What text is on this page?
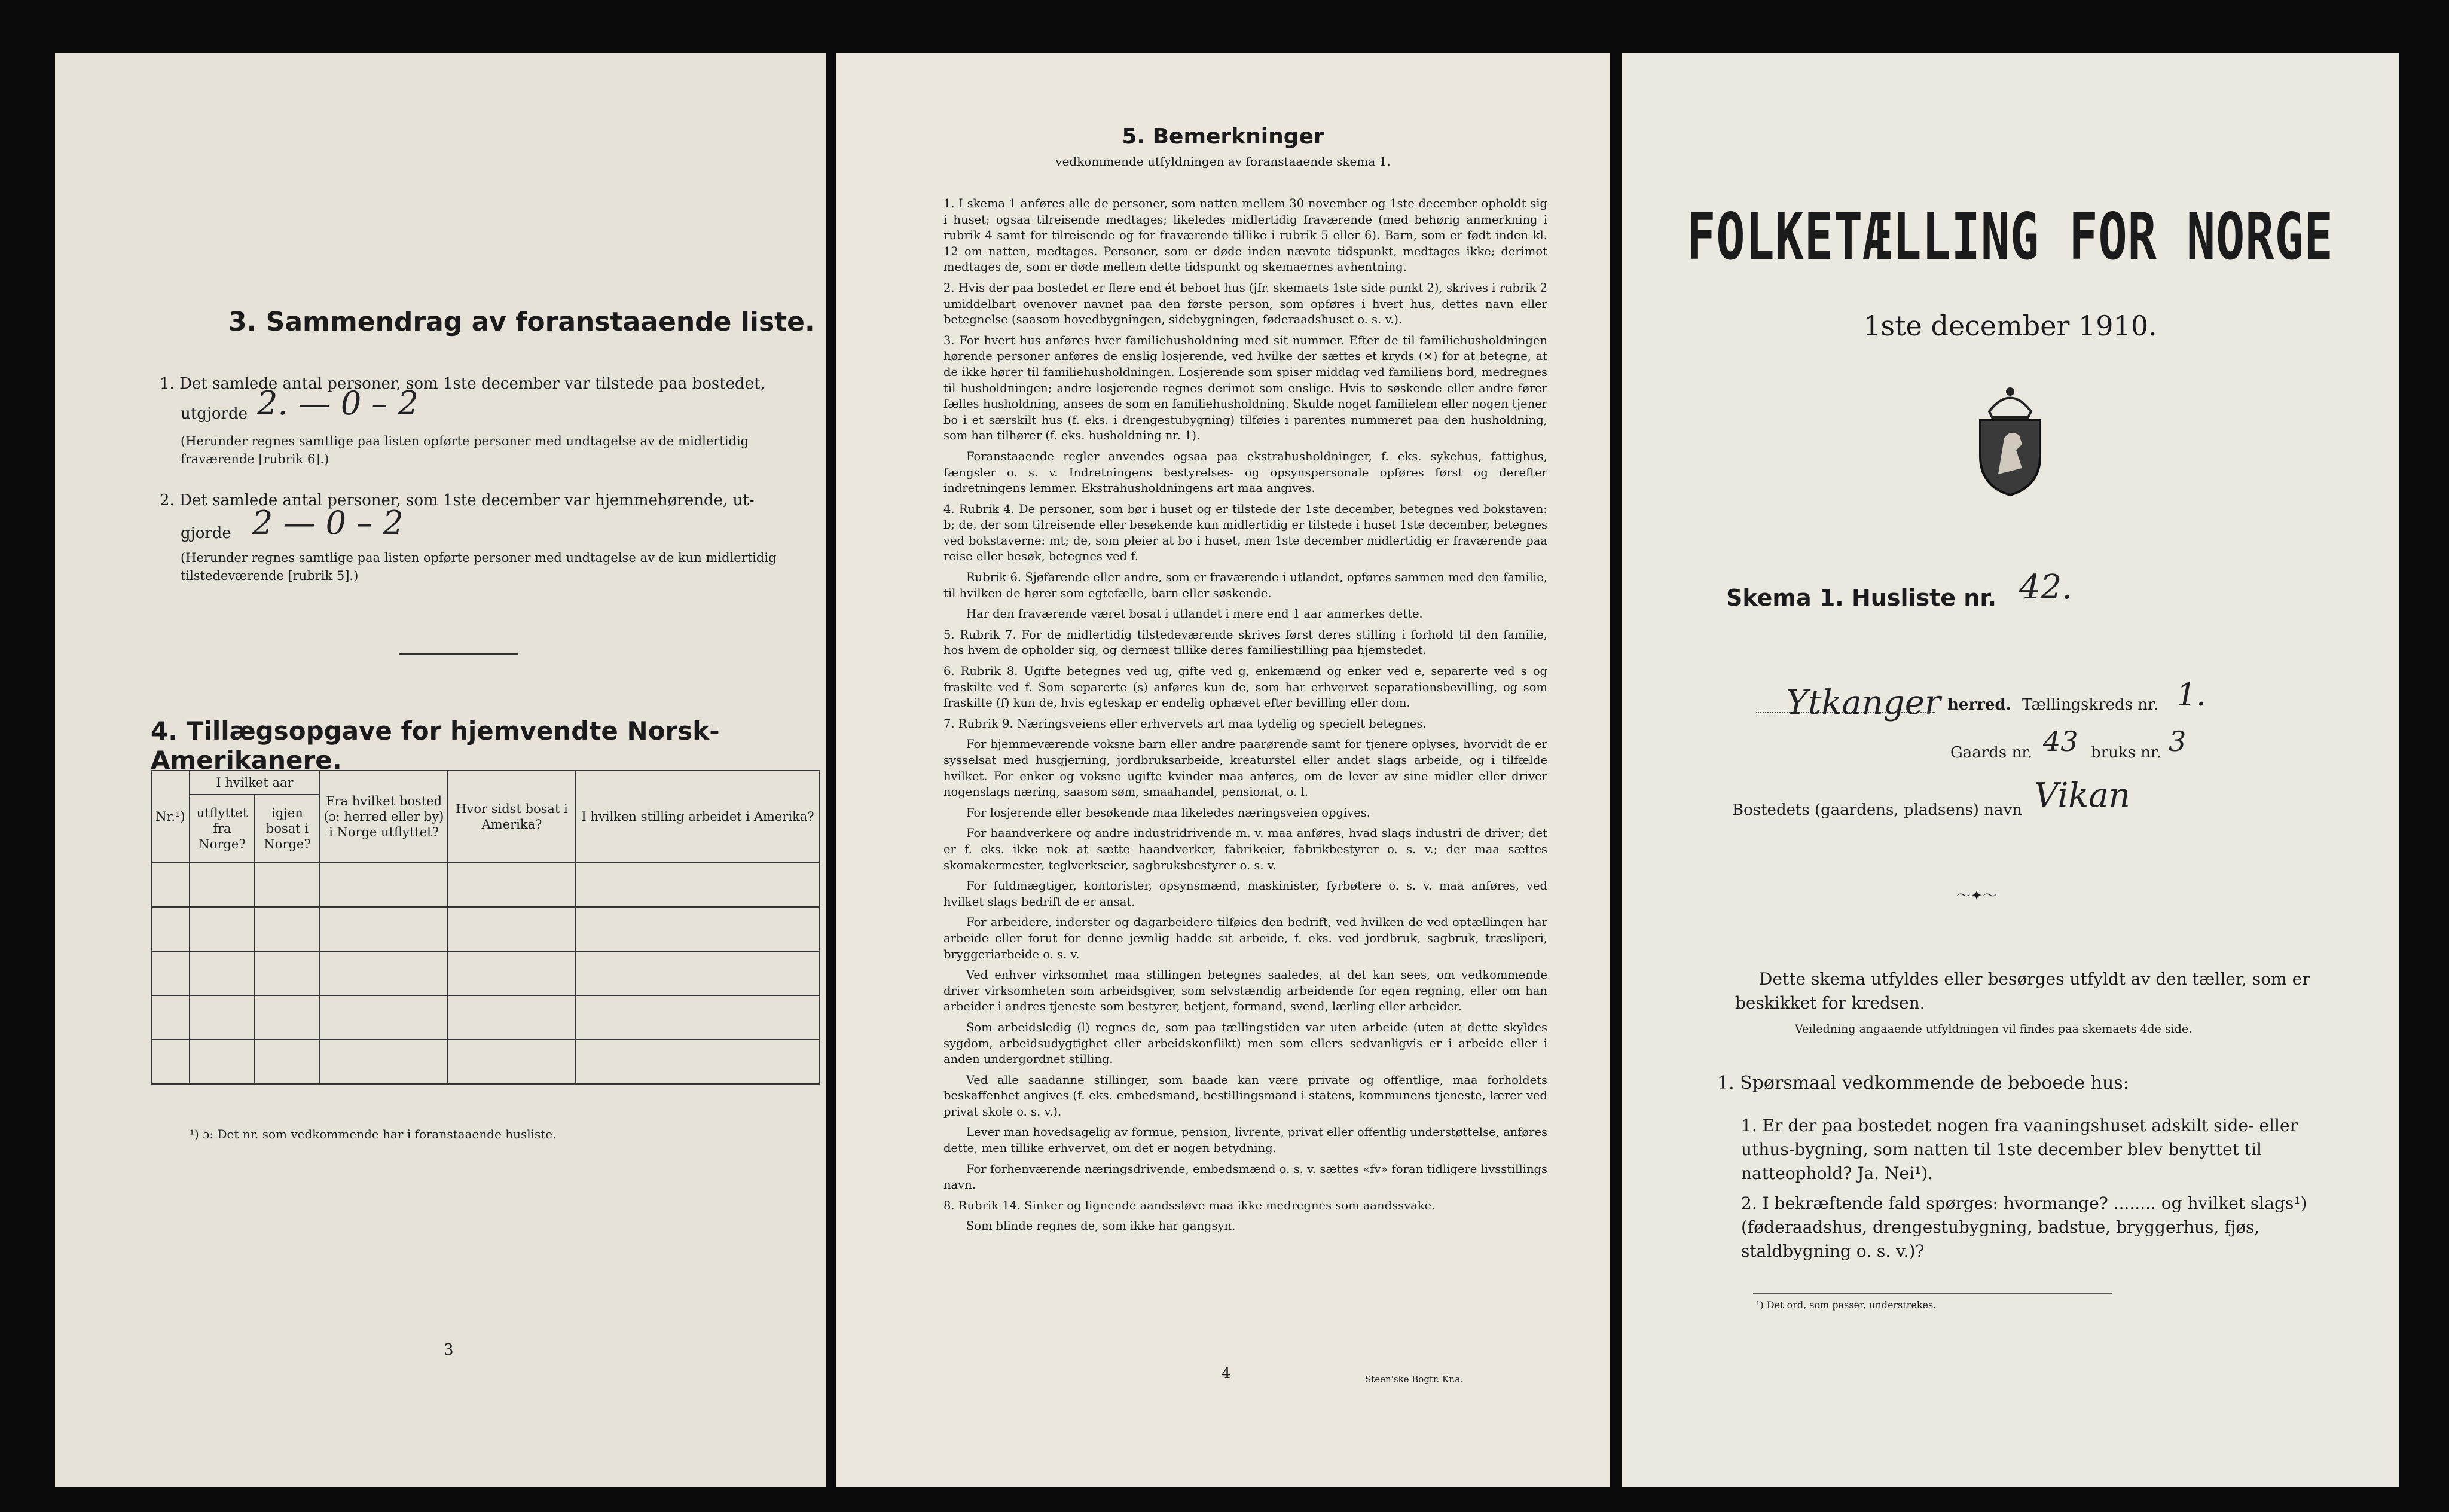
3. Sammendrag av foranstaaende liste.
1. Det samlede antal personer, som 1ste december var tilstede paa bostedet,
utgjorde 2. — 0 – 2
(Herunder regnes samtlige paa listen opførte personer med undtagelse av de midlertidig fraværende [rubrik 6].)
2. Det samlede antal personer, som 1ste december var hjemmehørende, ut-
gjorde 2 — 0 – 2
(Herunder regnes samtlige paa listen opførte personer med undtagelse av de kun midlertidig tilstedeværende [rubrik 5].)
4. Tillægsopgave for hjemvendte Norsk-Amerikanere.
Nr.¹)	I hvilket aar		Fra hvilket bosted (ɔ: herred eller by) i Norge utflyttet?	Hvor sidst bosat i Amerika?	I hvilken stilling arbeidet i Amerika?
	utflyttet fra Norge?	igjen bosat i Norge?			

¹) ɔ: Det nr. som vedkommende har i foranstaaende husliste.
3
5. Bemerkninger
vedkommende utfyldningen av foranstaaende skema 1.

1. I skema 1 anføres alle de personer, som natten mellem 30 november og 1ste december opholdt sig i huset; ogsaa tilreisende medtages; likeledes midlertidig fraværende (med behørig anmerkning i rubrik 4 samt for tilreisende og for fraværende tillike i rubrik 5 eller 6). Barn, som er født inden kl. 12 om natten, medtages. Personer, som er døde inden nævnte tidspunkt, medtages ikke; derimot medtages de, som er døde mellem dette tidspunkt og skemaernes avhentning.

2. Hvis der paa bostedet er flere end ét beboet hus (jfr. skemaets 1ste side punkt 2), skrives i rubrik 2 umiddelbart ovenover navnet paa den første person, som opføres i hvert hus, dettes navn eller betegnelse (saasom hovedbygningen, sidebygningen, føderaadshuset o. s. v.).

3. For hvert hus anføres hver familiehusholdning med sit nummer. Efter de til familiehusholdningen hørende personer anføres de enslig losjerende, ved hvilke der sættes et kryds (×) for at betegne, at de ikke hører til familiehusholdningen. Losjerende som spiser middag ved familiens bord, medregnes til husholdningen; andre losjerende regnes derimot som enslige. Hvis to søskende eller andre fører fælles husholdning, ansees de som en familiehusholdning. Skulde noget familielem eller nogen tjener bo i et særskilt hus (f. eks. i drengestubygning) tilføies i parentes nummeret paa den husholdning, som han tilhører (f. eks. husholdning nr. 1).

Foranstaaende regler anvendes ogsaa paa ekstrahusholdninger, f. eks. sykehus, fattighus, fængsler o. s. v. Indretningens bestyrelses- og opsynspersonale opføres først og derefter indretningens lemmer. Ekstrahusholdningens art maa angives.

4. Rubrik 4. De personer, som bør i huset og er tilstede der 1ste december, betegnes ved bokstaven: b; de, der som tilreisende eller besøkende kun midlertidig er tilstede i huset 1ste december, betegnes ved bokstaverne: mt; de, som pleier at bo i huset, men 1ste december midlertidig er fraværende paa reise eller besøk, betegnes ved f.

Rubrik 6. Sjøfarende eller andre, som er fraværende i utlandet, opføres sammen med den familie, til hvilken de hører som egtefælle, barn eller søskende.

Har den fraværende været bosat i utlandet i mere end 1 aar anmerkes dette.

5. Rubrik 7. For de midlertidig tilstedeværende skrives først deres stilling i forhold til den familie, hos hvem de opholder sig, og dernæst tillike deres familiestilling paa hjemstedet.

6. Rubrik 8. Ugifte betegnes ved ug, gifte ved g, enkemænd og enker ved e, separerte ved s og fraskilte ved f. Som separerte (s) anføres kun de, som har erhvervet separationsbevilling, og som fraskilte (f) kun de, hvis egteskap er endelig ophævet efter bevilling eller dom.

7. Rubrik 9. Næringsveiens eller erhvervets art maa tydelig og specielt betegnes.

For hjemmeværende voksne barn eller andre paarørende samt for tjenere oplyses, hvorvidt de er sysselsat med husgjerning, jordbruksarbeide, kreaturstel eller andet slags arbeide, og i tilfælde hvilket. For enker og voksne ugifte kvinder maa anføres, om de lever av sine midler eller driver nogenslags næring, saasom søm, smaahandel, pensionat, o. l.

For losjerende eller besøkende maa likeledes næringsveien opgives.

For haandverkere og andre industridrivende m. v. maa anføres, hvad slags industri de driver; det er f. eks. ikke nok at sætte haandverker, fabrikeier, fabrikbestyrer o. s. v.; der maa sættes skomakermester, teglverkseier, sagbruksbestyrer o. s. v.

For fuldmægtiger, kontorister, opsynsmænd, maskinister, fyrbøtere o. s. v. maa anføres, ved hvilket slags bedrift de er ansat.

For arbeidere, inderster og dagarbeidere tilføies den bedrift, ved hvilken de ved optællingen har arbeide eller forut for denne jevnlig hadde sit arbeide, f. eks. ved jordbruk, sagbruk, træsliperi, bryggeriarbeide o. s. v.

Ved enhver virksomhet maa stillingen betegnes saaledes, at det kan sees, om vedkommende driver virksomheten som arbeidsgiver, som selvstændig arbeidende for egen regning, eller om han arbeider i andres tjeneste som bestyrer, betjent, formand, svend, lærling eller arbeider.

Som arbeidsledig (l) regnes de, som paa tællingstiden var uten arbeide (uten at dette skyldes sygdom, arbeidsudygtighet eller arbeidskonflikt) men som ellers sedvanligvis er i arbeide eller i anden undergordnet stilling.

Ved alle saadanne stillinger, som baade kan være private og offentlige, maa forholdets beskaffenhet angives (f. eks. embedsmand, bestillingsmand i statens, kommunens tjeneste, lærer ved privat skole o. s. v.).

Lever man hovedsagelig av formue, pension, livrente, privat eller offentlig understøttelse, anføres dette, men tillike erhvervet, om det er nogen betydning.

For forhenværende næringsdrivende, embedsmænd o. s. v. sættes «fv» foran tidligere livsstillings navn.

8. Rubrik 14. Sinker og lignende aandssløve maa ikke medregnes som aandssvake.

Som blinde regnes de, som ikke har gangsyn.

4	Steen'ske Bogtr. Kr.a.
FOLKETÆLLING FOR NORGE
1ste december 1910.
Skema 1. Husliste nr. 42.
Ytkanger herred. Tællingskreds nr. 1.
Gaards nr. 43 bruks nr. 3
Bostedets (gaardens, pladsens) navn Vikan
～✦～
Dette skema utfyldes eller besørges utfyldt av den tæller, som er beskikket for kredsen.
Veiledning angaaende utfyldningen vil findes paa skemaets 4de side.
1. Spørsmaal vedkommende de beboede hus:
1. Er der paa bostedet nogen fra vaaningshuset adskilt side- eller uthus-bygning, som natten til 1ste december blev benyttet til natteophold? Ja. Nei¹).
2. I bekræftende fald spørges: hvormange? ........ og hvilket slags¹) (føderaadshus, drengestubygning, badstue, bryggerhus, fjøs, staldbygning o. s. v.)?
¹) Det ord, som passer, understrekes.
